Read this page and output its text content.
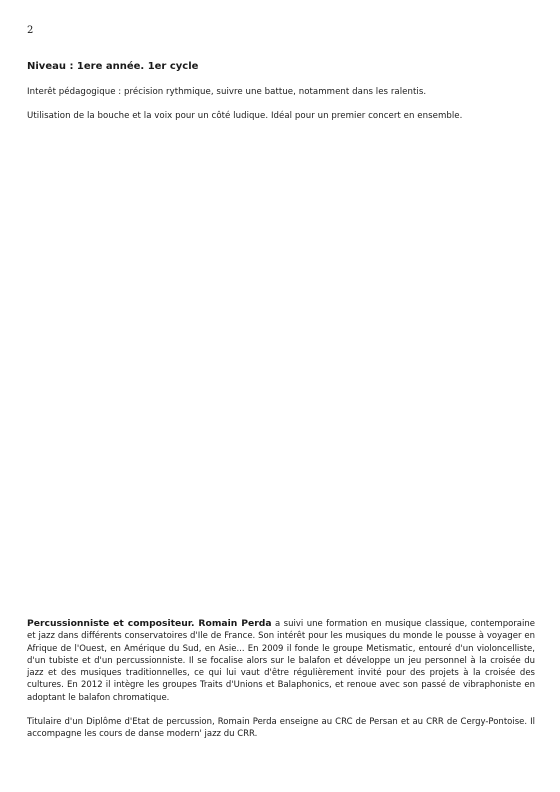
2
Niveau : 1ere année. 1er cycle

Interêt pédagogique : précision rythmique, suivre une battue, notamment dans les ralentis.

Utilisation de la bouche et la voix pour un côté ludique. Idéal pour un premier concert en ensemble.

Percussionniste et compositeur. Romain Perda a suivi une formation en musique classique, contemporaine et jazz dans différents conservatoires d'Ile de France. Son intérêt pour les musiques du monde le pousse à voyager en Afrique de l'Ouest, en Amérique du Sud, en Asie... En 2009 il fonde le groupe Metismatic, entouré d'un violoncelliste, d'un tubiste et d'un percussionniste. Il se focalise alors sur le balafon et développe un jeu personnel à la croisée du jazz et des musiques traditionnelles, ce qui lui vaut d'être régulièrement invité pour des projets à la croisée des cultures. En 2012 il intègre les groupes Traits d'Unions et Balaphonics, et renoue avec son passé de vibraphoniste en adoptant le balafon chromatique.

Titulaire d'un Diplôme d'Etat de percussion, Romain Perda enseigne au CRC de Persan et au CRR de Cergy-Pontoise. Il accompagne les cours de danse modern' jazz du CRR.
